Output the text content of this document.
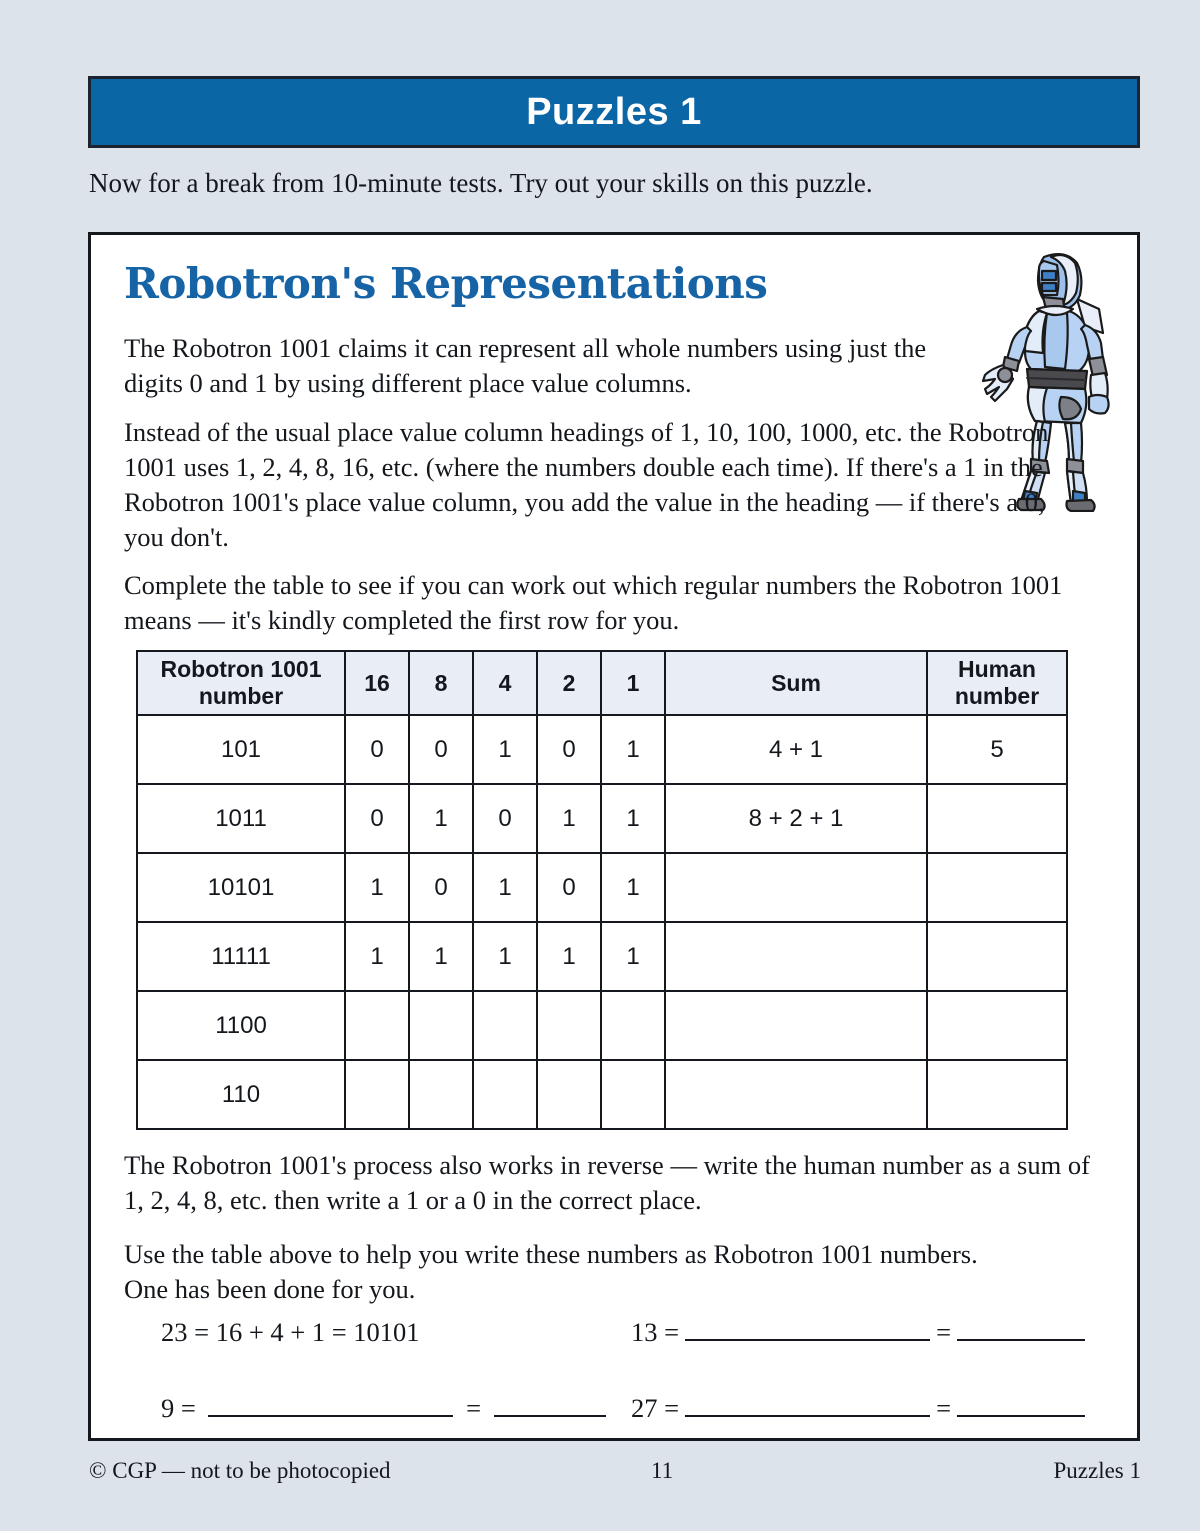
Puzzles 1
Now for a break from 10-minute tests. Try out your skills on this puzzle.
Robotron's Representations
The Robotron 1001 claims it can represent all whole numbers using just the digits 0 and 1 by using different place value columns.
Instead of the usual place value column headings of 1, 10, 100, 1000, etc. the Robotron 1001 uses 1, 2, 4, 8, 16, etc. (where the numbers double each time). If there's a 1 in the Robotron 1001's place value column, you add the value in the heading — if there's a 0, you don't.
Complete the table to see if you can work out which regular numbers the Robotron 1001 means — it's kindly completed the first row for you.
Robotron 1001 number	16	8	4	2	1	Sum	Human number
101	0	0	1	0	1	4 + 1	5
1011	0	1	0	1	1	8 + 2 + 1	
10101	1	0	1	0	1		
11111	1	1	1	1	1		
1100							
110							
The Robotron 1001's process also works in reverse — write the human number as a sum of 1, 2, 4, 8, etc. then write a 1 or a 0 in the correct place.
Use the table above to help you write these numbers as Robotron 1001 numbers. One has been done for you.
23 = 16 + 4 + 1 = 10101	13 =	=
9 =	=	27 =	=
© CGP — not to be photocopied	11	Puzzles 1
